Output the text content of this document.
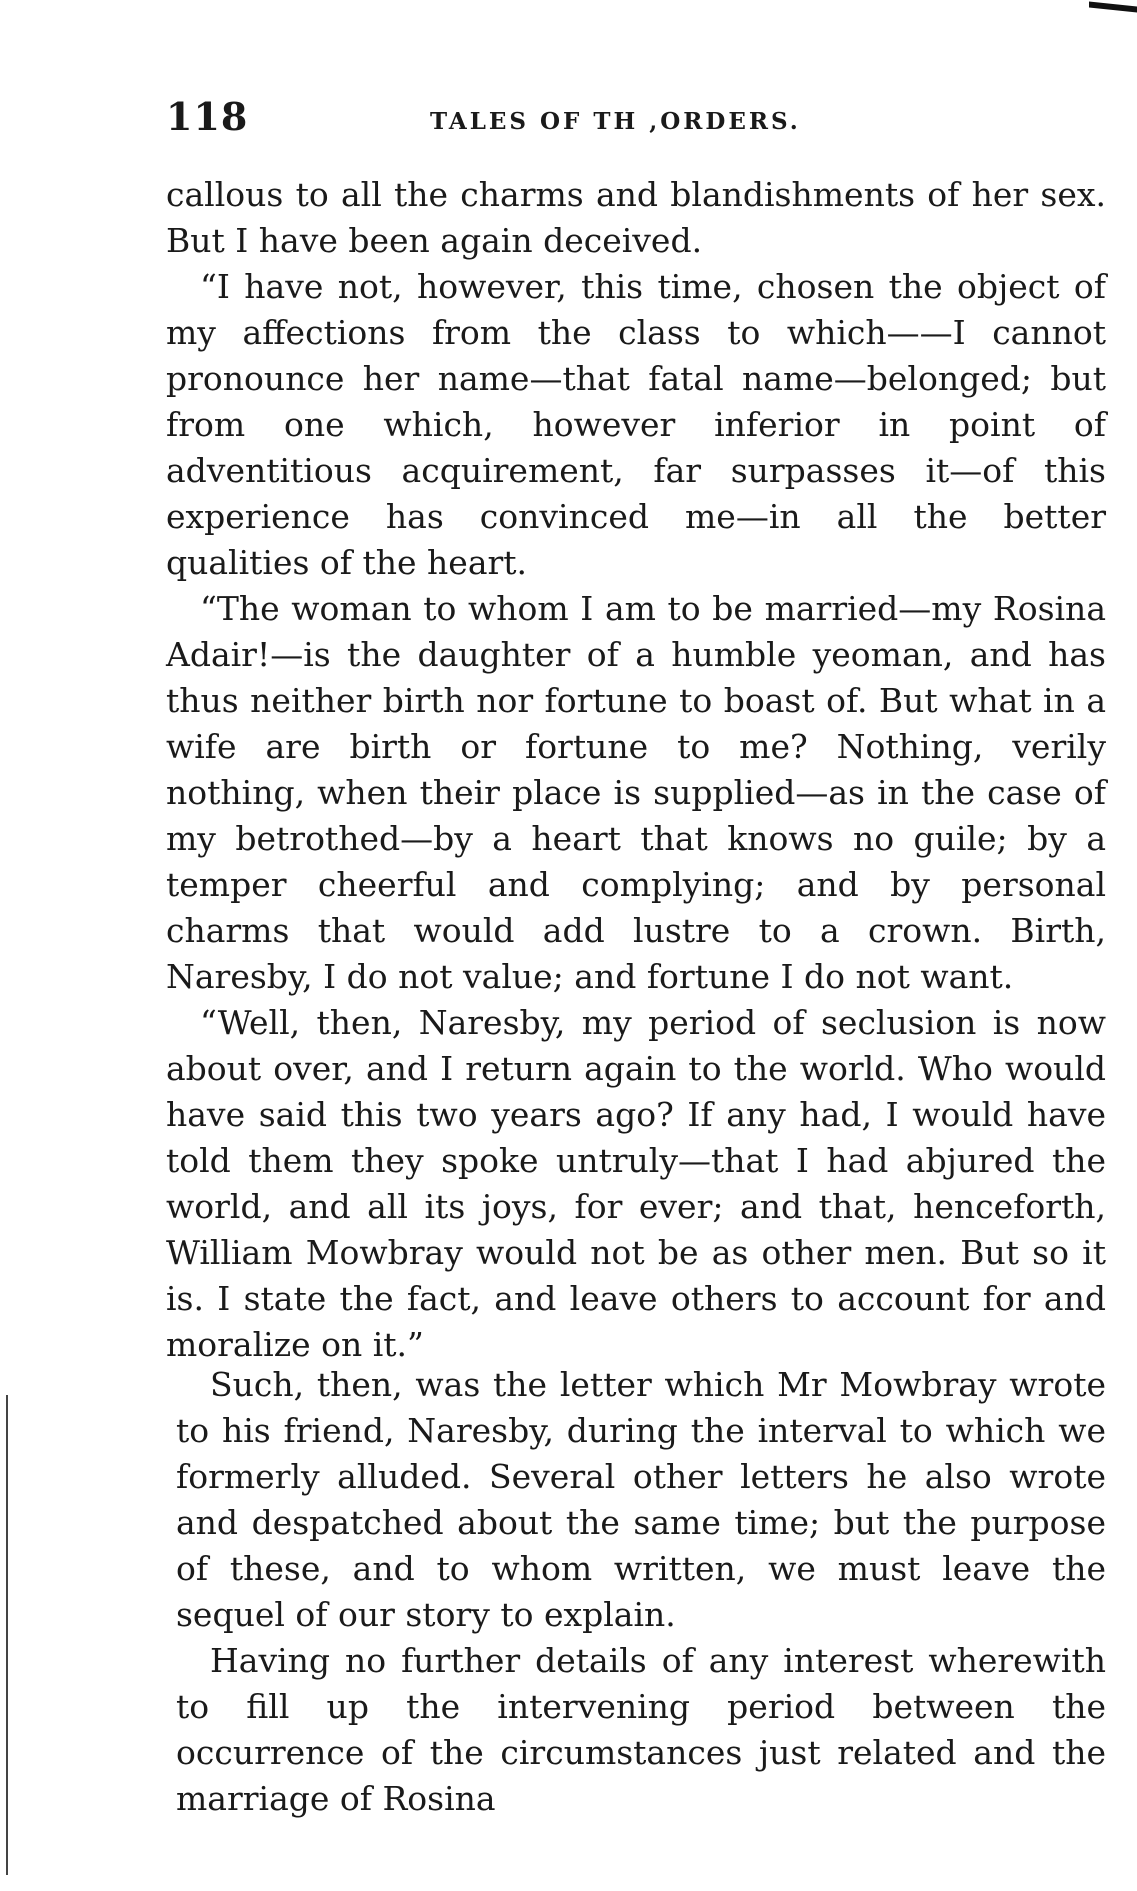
118	TALES OF TH ,ORDERS.

callous to all the charms and blandishments of her sex. But I have been again deceived.

“I have not, however, this time, chosen the object of my affections from the class to which——I cannot pronounce her name—that fatal name—belonged; but from one which, however inferior in point of adventitious acquirement, far surpasses it—of this experience has convinced me—in all the better qualities of the heart.

“The woman to whom I am to be married—my Rosina Adair!—is the daughter of a humble yeoman, and has thus neither birth nor fortune to boast of. But what in a wife are birth or fortune to me? Nothing, verily nothing, when their place is supplied—as in the case of my betrothed—by a heart that knows no guile; by a temper cheerful and complying; and by personal charms that would add lustre to a crown. Birth, Naresby, I do not value; and fortune I do not want.

“Well, then, Naresby, my period of seclusion is now about over, and I return again to the world. Who would have said this two years ago? If any had, I would have told them they spoke untruly—that I had abjured the world, and all its joys, for ever; and that, henceforth, William Mowbray would not be as other men. But so it is. I state the fact, and leave others to account for and moralize on it.”

Such, then, was the letter which Mr Mowbray wrote to his friend, Naresby, during the interval to which we formerly alluded. Several other letters he also wrote and despatched about the same time; but the purpose of these, and to whom written, we must leave the sequel of our story to explain.

Having no further details of any interest wherewith to fill up the intervening period between the occurrence of the circumstances just related and the marriage of Rosina
